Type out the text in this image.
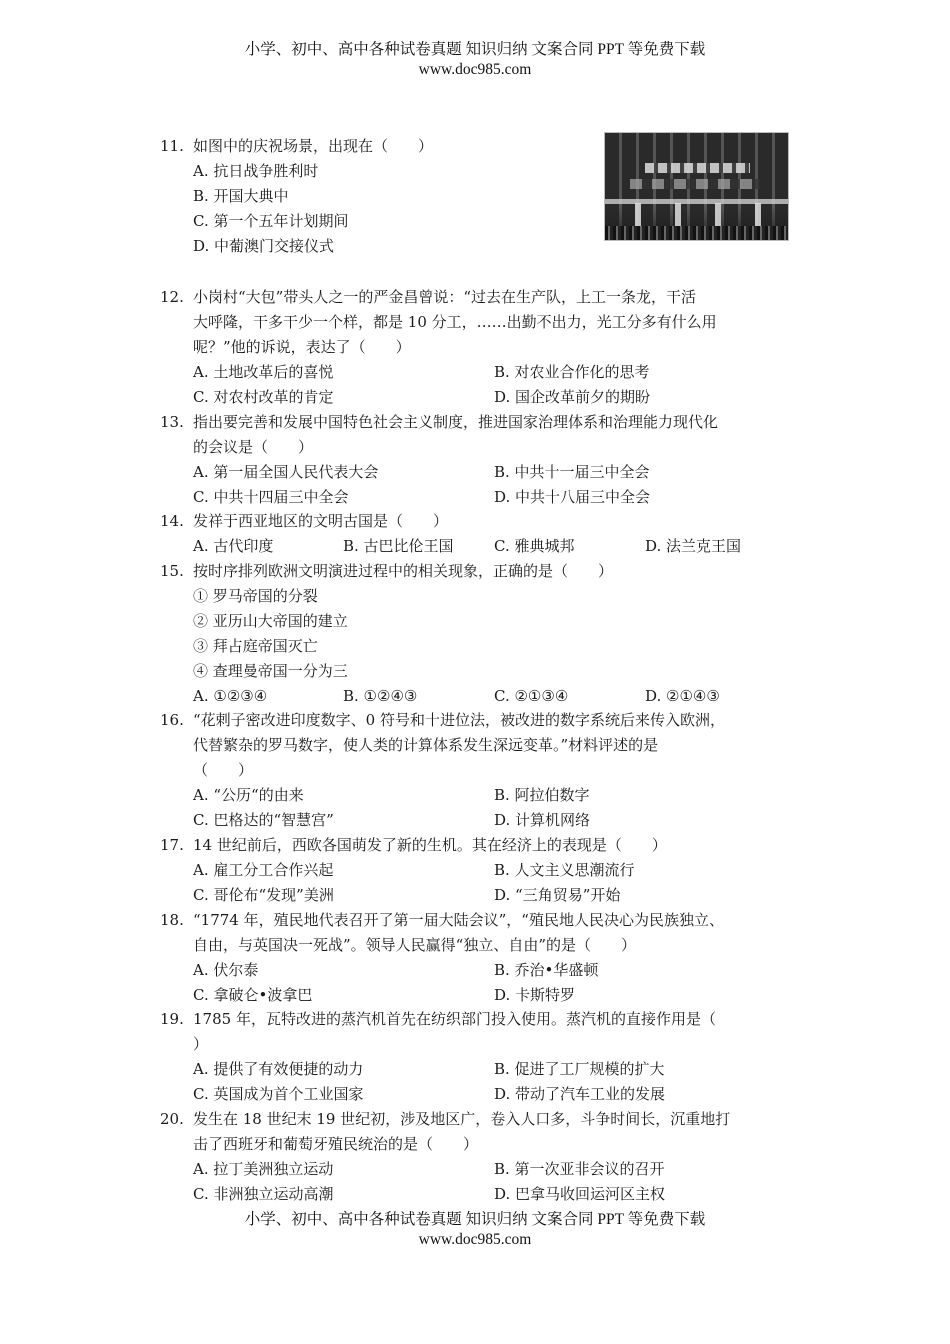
小学、初中、高中各种试卷真题 知识归纳 文案合同 PPT 等免费下载
www.doc985.com
11. 如图中的庆祝场景，出现在（　　）
A. 抗日战争胜利时
B. 开国大典中
C. 第一个五年计划期间
D. 中葡澳门交接仪式
12. 小岗村“大包”带头人之一的严金昌曾说：“过去在生产队，上工一条龙，干活
大呼隆，干多干少一个样，都是 10 分工，……出勤不出力，光工分多有什么用
呢？”他的诉说，表达了（　　）
A. 土地改革后的喜悦	B. 对农业合作化的思考
C. 对农村改革的肯定	D. 国企改革前夕的期盼
13. 指出要完善和发展中国特色社会主义制度，推进国家治理体系和治理能力现代化
的会议是（　　）
A. 第一届全国人民代表大会	B. 中共十一届三中全会
C. 中共十四届三中全会	D. 中共十八届三中全会
14. 发祥于西亚地区的文明古国是（　　）
A. 古代印度	B. 古巴比伦王国	C. 雅典城邦	D. 法兰克王国
15. 按时序排列欧洲文明演进过程中的相关现象，正确的是（　　）
① 罗马帝国的分裂
② 亚历山大帝国的建立
③ 拜占庭帝国灭亡
④ 查理曼帝国一分为三
A. ①②③④	B. ①②④③	C. ②①③④	D. ②①④③
16. “花剌子密改进印度数字、0 符号和十进位法，被改进的数字系统后来传入欧洲，
代替繁杂的罗马数字，使人类的计算体系发生深远变革。”材料评述的是
（　　）
A. “公历“的由来	B. 阿拉伯数字
C. 巴格达的“智慧宫”	D. 计算机网络
17. 14 世纪前后，西欧各国萌发了新的生机。其在经济上的表现是（　　）
A. 雇工分工合作兴起	B. 人文主义思潮流行
C. 哥伦布“发现”美洲	D. “三角贸易”开始
18. “1774 年，殖民地代表召开了第一届大陆会议”，“殖民地人民决心为民族独立、
自由，与英国决一死战”。领导人民赢得“独立、自由”的是（　　）
A. 伏尔泰	B. 乔治•华盛顿
C. 拿破仑•波拿巴	D. 卡斯特罗
19. 1785 年，瓦特改进的蒸汽机首先在纺织部门投入使用。蒸汽机的直接作用是（
）
A. 提供了有效便捷的动力	B. 促进了工厂规模的扩大
C. 英国成为首个工业国家	D. 带动了汽车工业的发展
20. 发生在 18 世纪末 19 世纪初，涉及地区广，卷入人口多，斗争时间长，沉重地打
击了西班牙和葡萄牙殖民统治的是（　　）
A. 拉丁美洲独立运动	B. 第一次亚非会议的召开
C. 非洲独立运动高潮	D. 巴拿马收回运河区主权
小学、初中、高中各种试卷真题 知识归纳 文案合同 PPT 等免费下载
www.doc985.com
